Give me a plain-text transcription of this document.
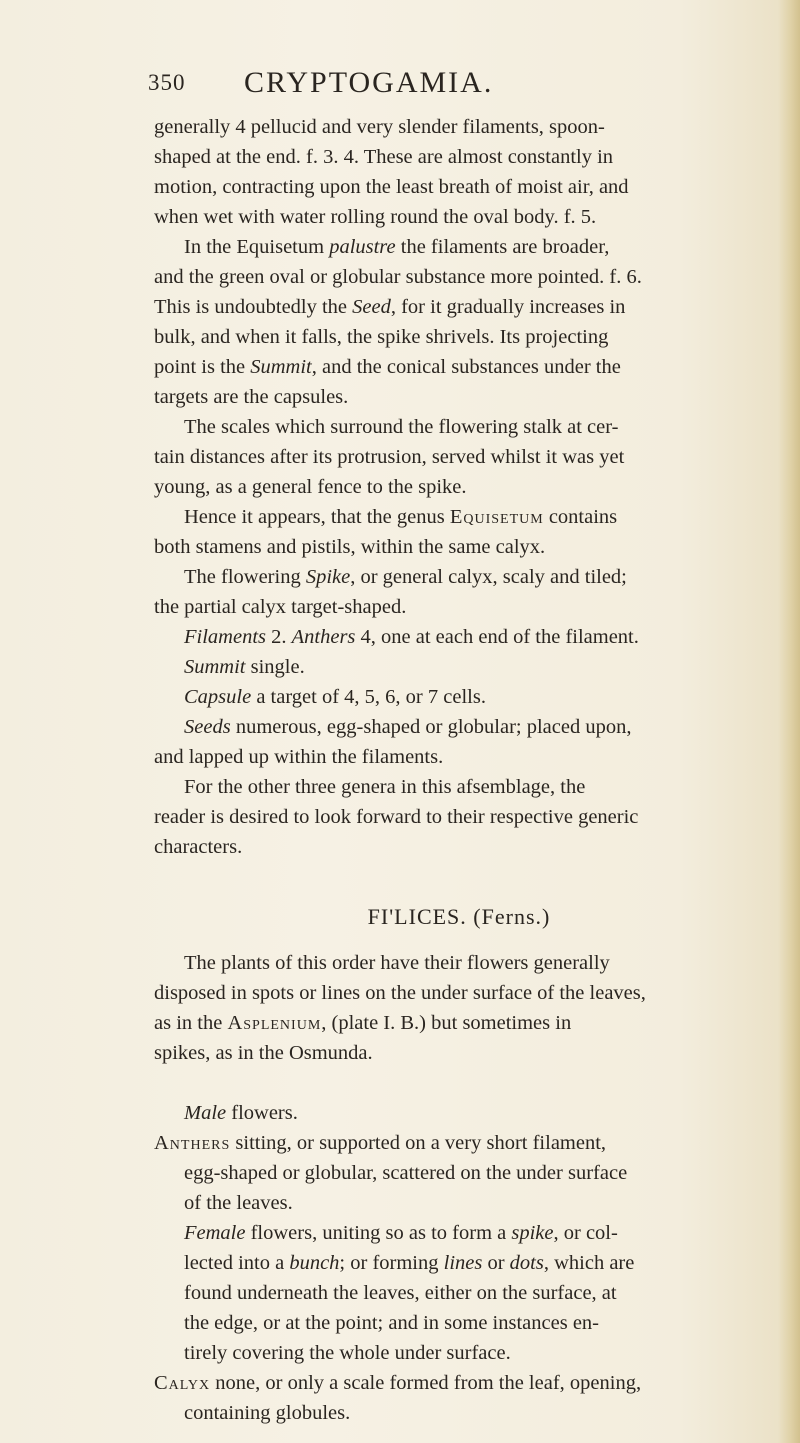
350 CRYPTOGAMIA.
generally 4 pellucid and very slender filaments, spoon-
shaped at the end. f. 3. 4. These are almost constantly in
motion, contracting upon the least breath of moist air, and
when wet with water rolling round the oval body. f. 5.
In the Equisetum palustre the filaments are broader,
and the green oval or globular substance more pointed. f. 6.
This is undoubtedly the Seed, for it gradually increases in
bulk, and when it falls, the spike shrivels. Its projecting
point is the Summit, and the conical substances under the
targets are the capsules.
The scales which surround the flowering stalk at cer-
tain distances after its protrusion, served whilst it was yet
young, as a general fence to the spike.
Hence it appears, that the genus Equisetum contains
both stamens and pistils, within the same calyx.
The flowering Spike, or general calyx, scaly and tiled;
the partial calyx target-shaped.
Filaments 2. Anthers 4, one at each end of the filament.
Summit single.
Capsule a target of 4, 5, 6, or 7 cells.
Seeds numerous, egg-shaped or globular; placed upon,
and lapped up within the filaments.
For the other three genera in this afsemblage, the
reader is desired to look forward to their respective generic
characters.
FI'LICES. (Ferns.)
The plants of this order have their flowers generally
disposed in spots or lines on the under surface of the leaves,
as in the Asplenium, (plate I. B.) but sometimes in
spikes, as in the Osmunda.
Male flowers.
Anthers sitting, or supported on a very short filament,
egg-shaped or globular, scattered on the under surface
of the leaves.
Female flowers, uniting so as to form a spike, or col-
lected into a bunch; or forming lines or dots, which are
found underneath the leaves, either on the surface, at
the edge, or at the point; and in some instances en-
tirely covering the whole under surface.
Calyx none, or only a scale formed from the leaf, opening,
containing globules.
